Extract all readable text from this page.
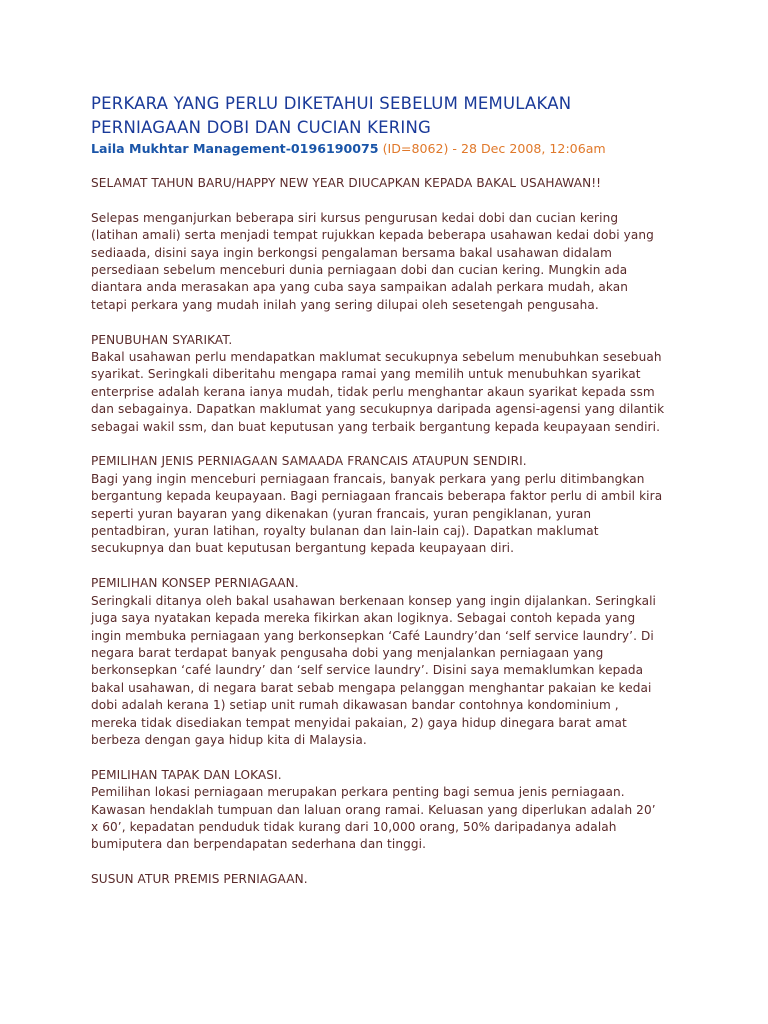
PERKARA YANG PERLU DIKETAHUI SEBELUM MEMULAKAN
PERNIAGAAN DOBI DAN CUCIAN KERING
Laila Mukhtar Management-0196190075 (ID=8062) - 28 Dec 2008, 12:06am

SELAMAT TAHUN BARU/HAPPY NEW YEAR DIUCAPKAN KEPADA BAKAL USAHAWAN!!

Selepas menganjurkan beberapa siri kursus pengurusan kedai dobi dan cucian kering
(latihan amali) serta menjadi tempat rujukkan kepada beberapa usahawan kedai dobi yang
sediaada, disini saya ingin berkongsi pengalaman bersama bakal usahawan didalam
persediaan sebelum menceburi dunia perniagaan dobi dan cucian kering. Mungkin ada
diantara anda merasakan apa yang cuba saya sampaikan adalah perkara mudah, akan
tetapi perkara yang mudah inilah yang sering dilupai oleh sesetengah pengusaha.

PENUBUHAN SYARIKAT.
Bakal usahawan perlu mendapatkan maklumat secukupnya sebelum menubuhkan sesebuah
syarikat. Seringkali diberitahu mengapa ramai yang memilih untuk menubuhkan syarikat
enterprise adalah kerana ianya mudah, tidak perlu menghantar akaun syarikat kepada ssm
dan sebagainya. Dapatkan maklumat yang secukupnya daripada agensi-agensi yang dilantik
sebagai wakil ssm, dan buat keputusan yang terbaik bergantung kepada keupayaan sendiri.

PEMILIHAN JENIS PERNIAGAAN SAMAADA FRANCAIS ATAUPUN SENDIRI.
Bagi yang ingin menceburi perniagaan francais, banyak perkara yang perlu ditimbangkan
bergantung kepada keupayaan. Bagi perniagaan francais beberapa faktor perlu di ambil kira
seperti yuran bayaran yang dikenakan (yuran francais, yuran pengiklanan, yuran
pentadbiran, yuran latihan, royalty bulanan dan lain-lain caj). Dapatkan maklumat
secukupnya dan buat keputusan bergantung kepada keupayaan diri.

PEMILIHAN KONSEP PERNIAGAAN.
Seringkali ditanya oleh bakal usahawan berkenaan konsep yang ingin dijalankan. Seringkali
juga saya nyatakan kepada mereka fikirkan akan logiknya. Sebagai contoh kepada yang
ingin membuka perniagaan yang berkonsepkan ‘Café Laundry’dan ‘self service laundry’. Di
negara barat terdapat banyak pengusaha dobi yang menjalankan perniagaan yang
berkonsepkan ‘café laundry’ dan ‘self service laundry’. Disini saya memaklumkan kepada
bakal usahawan, di negara barat sebab mengapa pelanggan menghantar pakaian ke kedai
dobi adalah kerana 1) setiap unit rumah dikawasan bandar contohnya kondominium ,
mereka tidak disediakan tempat menyidai pakaian, 2) gaya hidup dinegara barat amat
berbeza dengan gaya hidup kita di Malaysia.

PEMILIHAN TAPAK DAN LOKASI.
Pemilihan lokasi perniagaan merupakan perkara penting bagi semua jenis perniagaan.
Kawasan hendaklah tumpuan dan laluan orang ramai. Keluasan yang diperlukan adalah 20’
x 60’, kepadatan penduduk tidak kurang dari 10,000 orang, 50% daripadanya adalah
bumiputera dan berpendapatan sederhana dan tinggi.

SUSUN ATUR PREMIS PERNIAGAAN.
